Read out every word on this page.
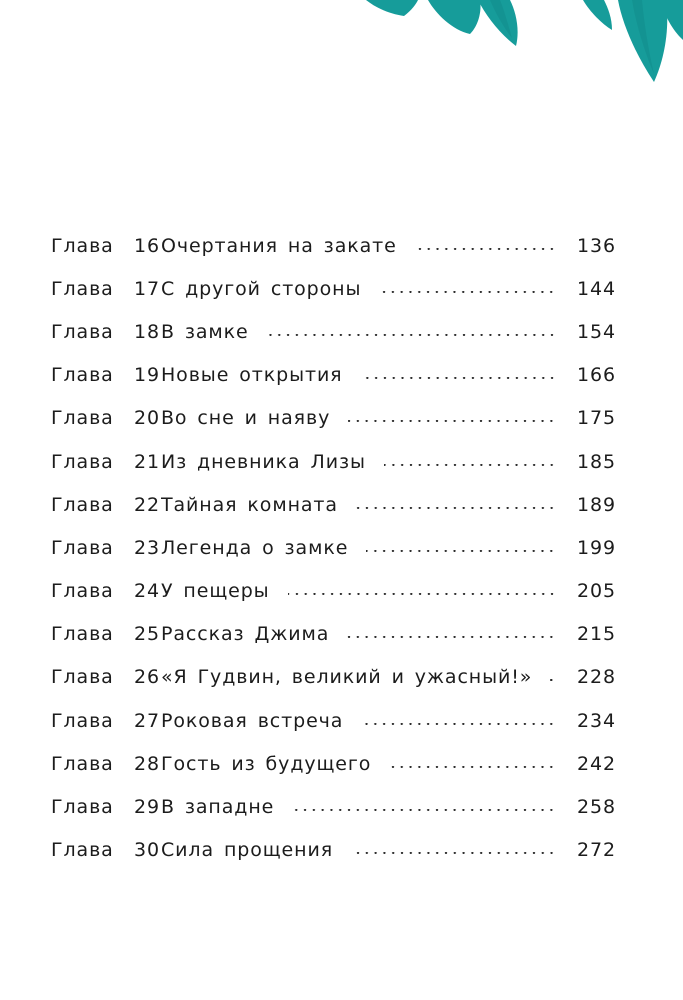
Глава	16 Очертания на закате	136
Глава	17 С другой стороны	144
Глава	18 В замке	154
Глава	19 Новые открытия	166
Глава	20 Во сне и наяву	175
Глава	21 Из дневника Лизы	185
Глава	22 Тайная комната	189
Глава	23 Легенда о замке	199
Глава	24 У пещеры	205
Глава	25 Рассказ Джима	215
Глава	26 «Я Гудвин, великий и ужасный!» 228
Глава	27 Роковая встреча	234
Глава	28 Гость из будущего	242
Глава	29 В западне	258
Глава	30 Сила прощения	272
